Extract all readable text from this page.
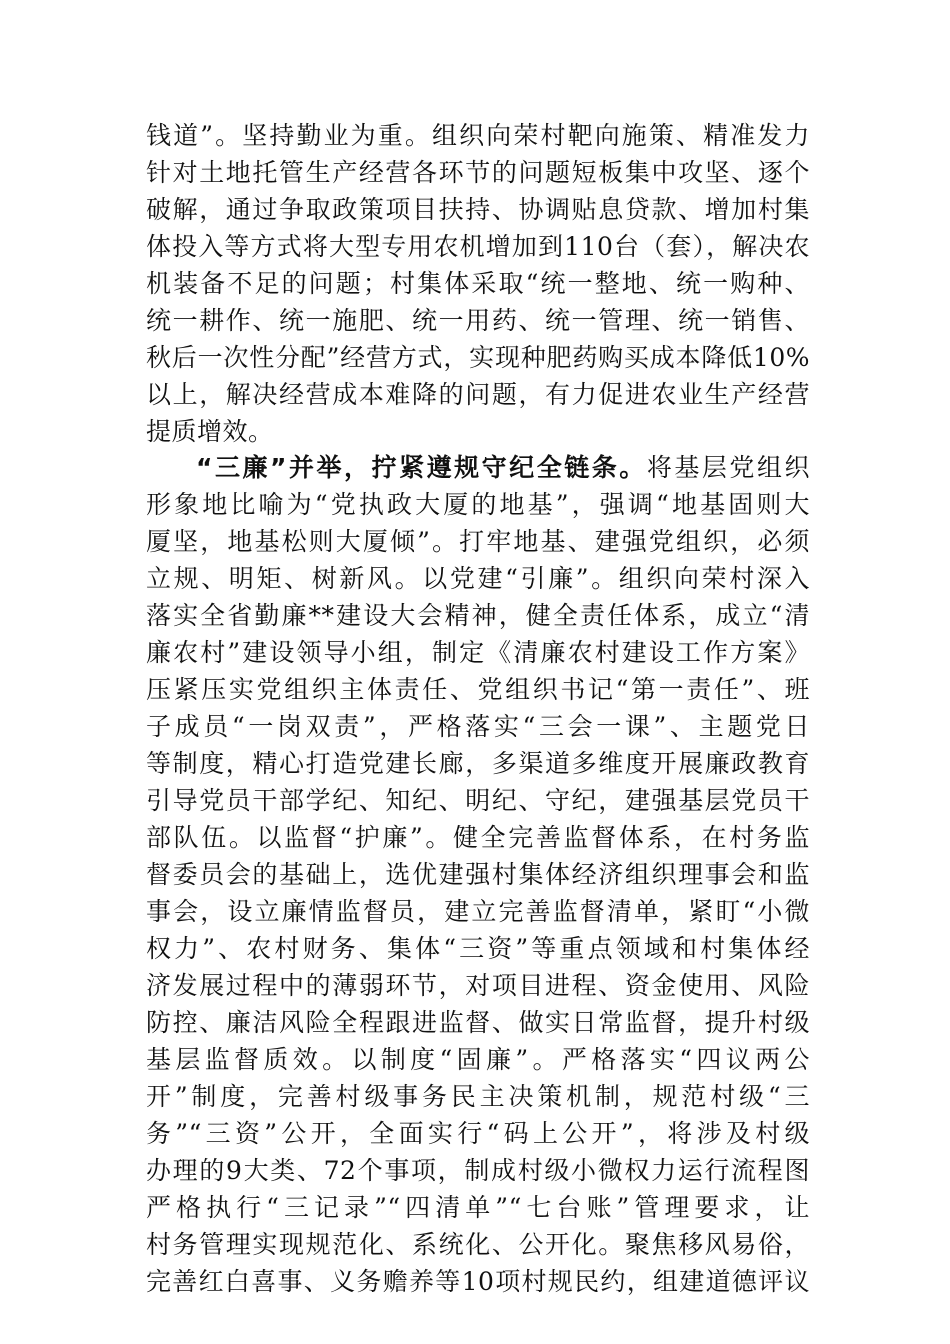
钱道”。坚持勤业为重。组织向荣村靶向施策、精准发力
针对土地托管生产经营各环节的问题短板集中攻坚、逐个
破解，通过争取政策项目扶持、协调贴息贷款、增加村集
体投入等方式将大型专用农机增加到110台（套），解决农
机装备不足的问题；村集体采取“统一整地、统一购种、
统一耕作、统一施肥、统一用药、统一管理、统一销售、
秋后一次性分配”经营方式，实现种肥药购买成本降低10%
以上，解决经营成本难降的问题，有力促进农业生产经营
提质增效。
“三廉”并举，拧紧遵规守纪全链条。将基层党组织
形象地比喻为“党执政大厦的地基”，强调“地基固则大
厦坚，地基松则大厦倾”。打牢地基、建强党组织，必须
立规、明矩、树新风。以党建“引廉”。组织向荣村深入
落实全省勤廉**建设大会精神，健全责任体系，成立“清
廉农村”建设领导小组，制定《清廉农村建设工作方案》
压紧压实党组织主体责任、党组织书记“第一责任”、班
子成员“一岗双责”，严格落实“三会一课”、主题党日
等制度，精心打造党建长廊，多渠道多维度开展廉政教育
引导党员干部学纪、知纪、明纪、守纪，建强基层党员干
部队伍。以监督“护廉”。健全完善监督体系，在村务监
督委员会的基础上，选优建强村集体经济组织理事会和监
事会，设立廉情监督员，建立完善监督清单，紧盯“小微
权力”、农村财务、集体“三资”等重点领域和村集体经
济发展过程中的薄弱环节，对项目进程、资金使用、风险
防控、廉洁风险全程跟进监督、做实日常监督，提升村级
基层监督质效。以制度“固廉”。严格落实“四议两公
开”制度，完善村级事务民主决策机制，规范村级“三
务”“三资”公开，全面实行“码上公开”，将涉及村级
办理的9大类、72个事项，制成村级小微权力运行流程图
严格执行“三记录”“四清单”“七台账”管理要求，让
村务管理实现规范化、系统化、公开化。聚焦移风易俗，
完善红白喜事、义务赡养等10项村规民约，组建道德评议
